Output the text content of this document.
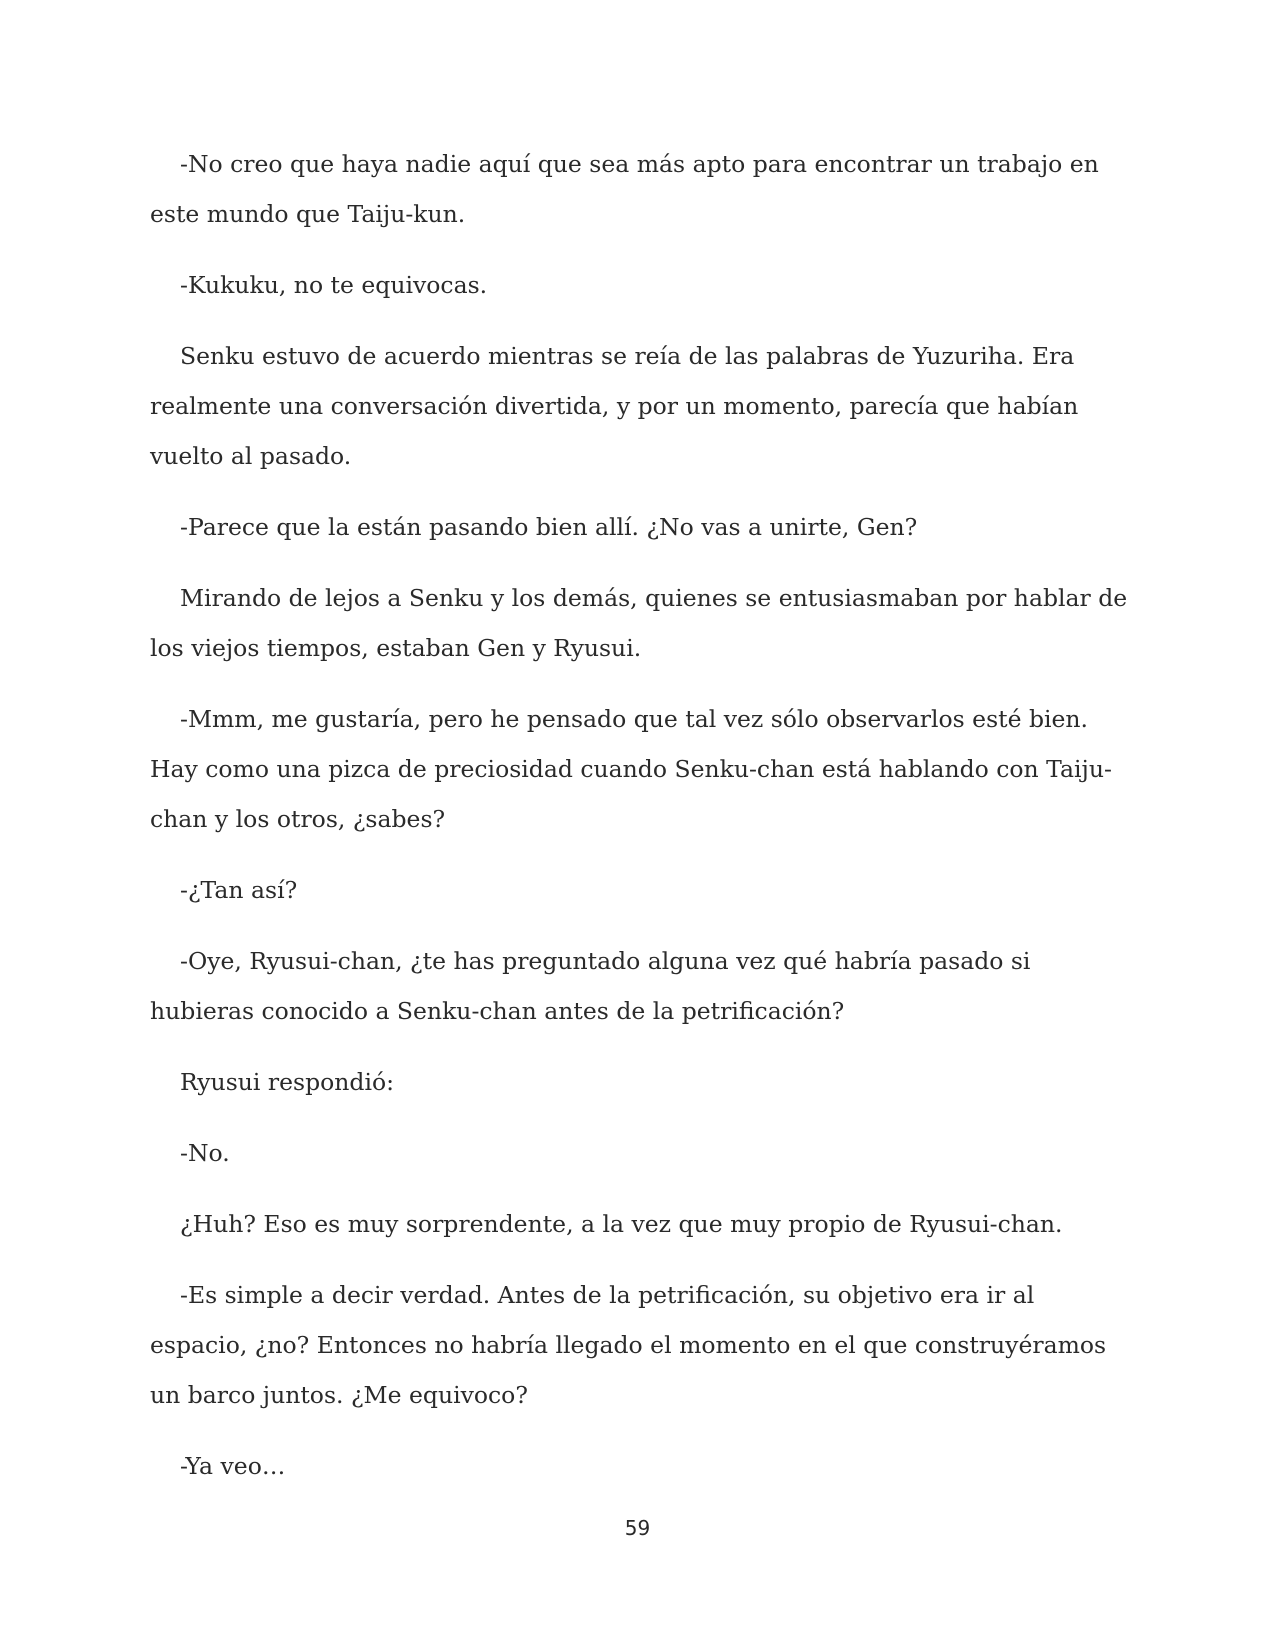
-No creo que haya nadie aquí que sea más apto para encontrar un trabajo en este mundo que Taiju-kun.

-Kukuku, no te equivocas.

Senku estuvo de acuerdo mientras se reía de las palabras de Yuzuriha. Era realmente una conversación divertida, y por un momento, parecía que habían vuelto al pasado.

-Parece que la están pasando bien allí. ¿No vas a unirte, Gen?

Mirando de lejos a Senku y los demás, quienes se entusiasmaban por hablar de los viejos tiempos, estaban Gen y Ryusui.

-Mmm, me gustaría, pero he pensado que tal vez sólo observarlos esté bien. Hay como una pizca de preciosidad cuando Senku-chan está hablando con Taiju-chan y los otros, ¿sabes?

-¿Tan así?

-Oye, Ryusui-chan, ¿te has preguntado alguna vez qué habría pasado si hubieras conocido a Senku-chan antes de la petrificación?

Ryusui respondió:

-No.

¿Huh? Eso es muy sorprendente, a la vez que muy propio de Ryusui-chan.

-Es simple a decir verdad. Antes de la petrificación, su objetivo era ir al espacio, ¿no? Entonces no habría llegado el momento en el que construyéramos un barco juntos. ¿Me equivoco?

-Ya veo…

59
